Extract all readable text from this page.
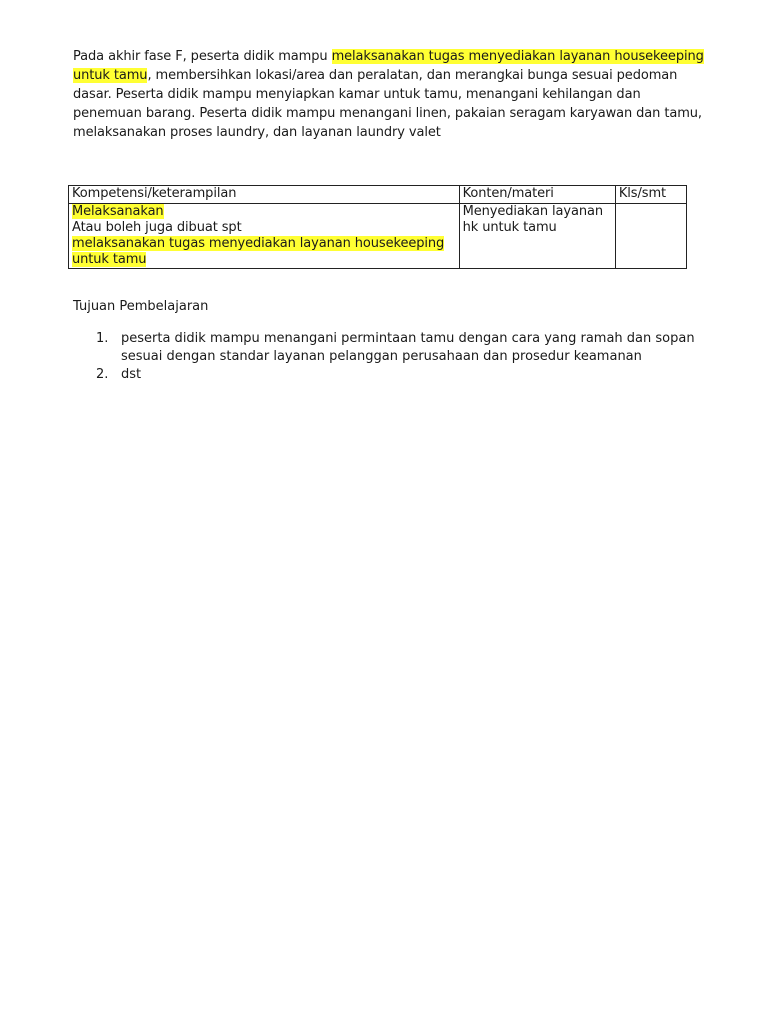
Pada akhir fase F, peserta didik mampu melaksanakan tugas menyediakan layanan housekeeping untuk tamu, membersihkan lokasi/area dan peralatan, dan merangkai bunga sesuai pedoman dasar. Peserta didik mampu menyiapkan kamar untuk tamu, menangani kehilangan dan penemuan barang. Peserta didik mampu menangani linen, pakaian seragam karyawan dan tamu, melaksanakan proses laundry, dan layanan laundry valet

Kompetensi/keterampilan	Konten/materi	Kls/smt

Melaksanakan
Atau boleh juga dibuat spt
melaksanakan tugas menyediakan layanan housekeeping untuk tamu	Menyediakan layanan hk untuk tamu	

Tujuan Pembelajaran

1. peserta didik mampu menangani permintaan tamu dengan cara yang ramah dan sopan sesuai dengan standar layanan pelanggan perusahaan dan prosedur keamanan
2. dst
